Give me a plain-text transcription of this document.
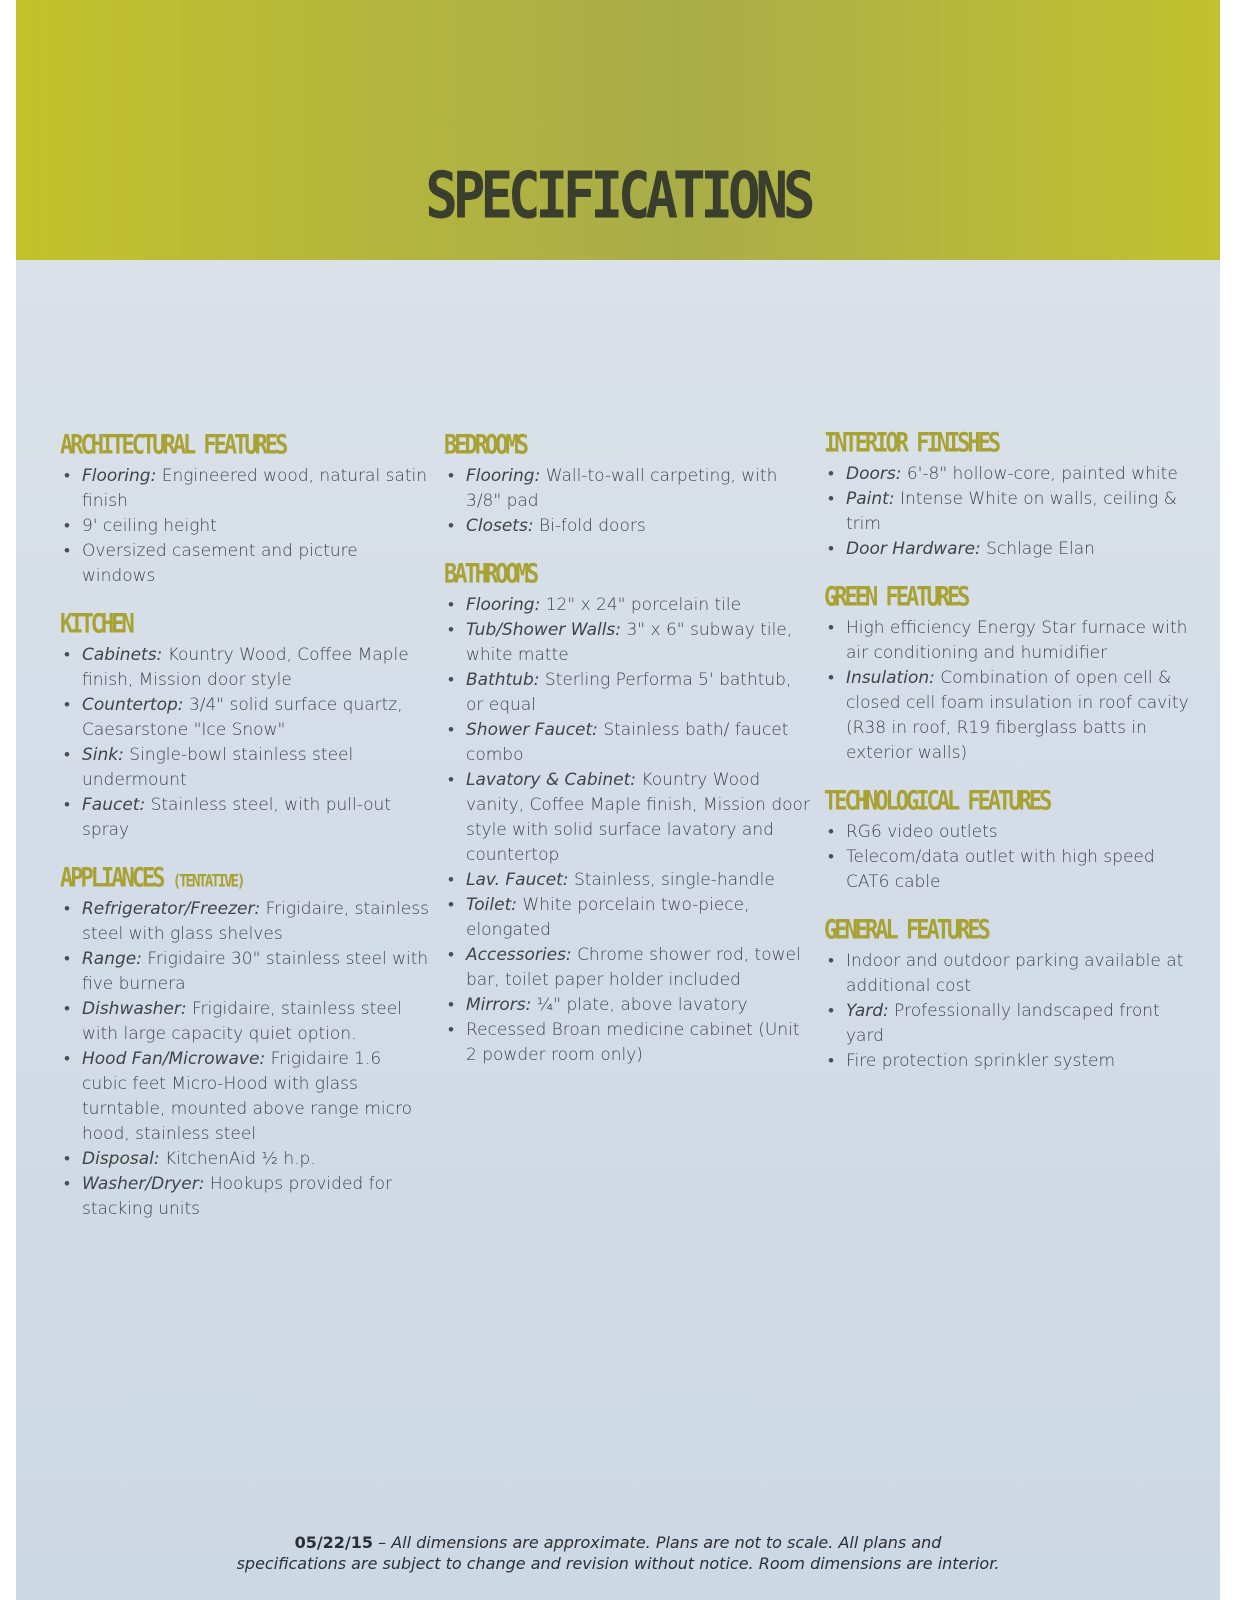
SPECIFICATIONS
ARCHITECTURAL FEATURES
• Flooring: Engineered wood, natural satin finish
• 9' ceiling height
• Oversized casement and picture windows
KITCHEN
• Cabinets: Kountry Wood, Coffee Maple finish, Mission door style
• Countertop: 3/4" solid surface quartz, Caesarstone "Ice Snow"
• Sink: Single-bowl stainless steel undermount
• Faucet: Stainless steel, with pull-out spray
APPLIANCES (TENTATIVE)
• Refrigerator/Freezer: Frigidaire, stainless steel with glass shelves
• Range: Frigidaire 30" stainless steel with five burnera
• Dishwasher: Frigidaire, stainless steel with large capacity quiet option.
• Hood Fan/Microwave: Frigidaire 1.6 cubic feet Micro-Hood with glass turntable, mounted above range micro hood, stainless steel
• Disposal: KitchenAid ½ h.p.
• Washer/Dryer: Hookups provided for stacking units
BEDROOMS
• Flooring: Wall-to-wall carpeting, with 3/8" pad
• Closets: Bi-fold doors
BATHROOMS
• Flooring: 12" x 24" porcelain tile
• Tub/Shower Walls: 3" x 6" subway tile, white matte
• Bathtub: Sterling Performa 5' bathtub, or equal
• Shower Faucet: Stainless bath/ faucet combo
• Lavatory & Cabinet: Kountry Wood vanity, Coffee Maple finish, Mission door style with solid surface lavatory and countertop
• Lav. Faucet: Stainless, single-handle
• Toilet: White porcelain two-piece, elongated
• Accessories: Chrome shower rod, towel bar, toilet paper holder included
• Mirrors: ¼" plate, above lavatory
• Recessed Broan medicine cabinet (Unit 2 powder room only)
INTERIOR FINISHES
• Doors: 6'-8" hollow-core, painted white
• Paint: Intense White on walls, ceiling & trim
• Door Hardware: Schlage Elan
GREEN FEATURES
• High efficiency Energy Star furnace with air conditioning and humidifier
• Insulation: Combination of open cell & closed cell foam insulation in roof cavity (R38 in roof, R19 fiberglass batts in exterior walls)
TECHNOLOGICAL FEATURES
• RG6 video outlets
• Telecom/data outlet with high speed CAT6 cable
GENERAL FEATURES
• Indoor and outdoor parking available at additional cost
• Yard: Professionally landscaped front yard
• Fire protection sprinkler system
05/22/15 – All dimensions are approximate. Plans are not to scale. All plans and
specifications are subject to change and revision without notice. Room dimensions are interior.
